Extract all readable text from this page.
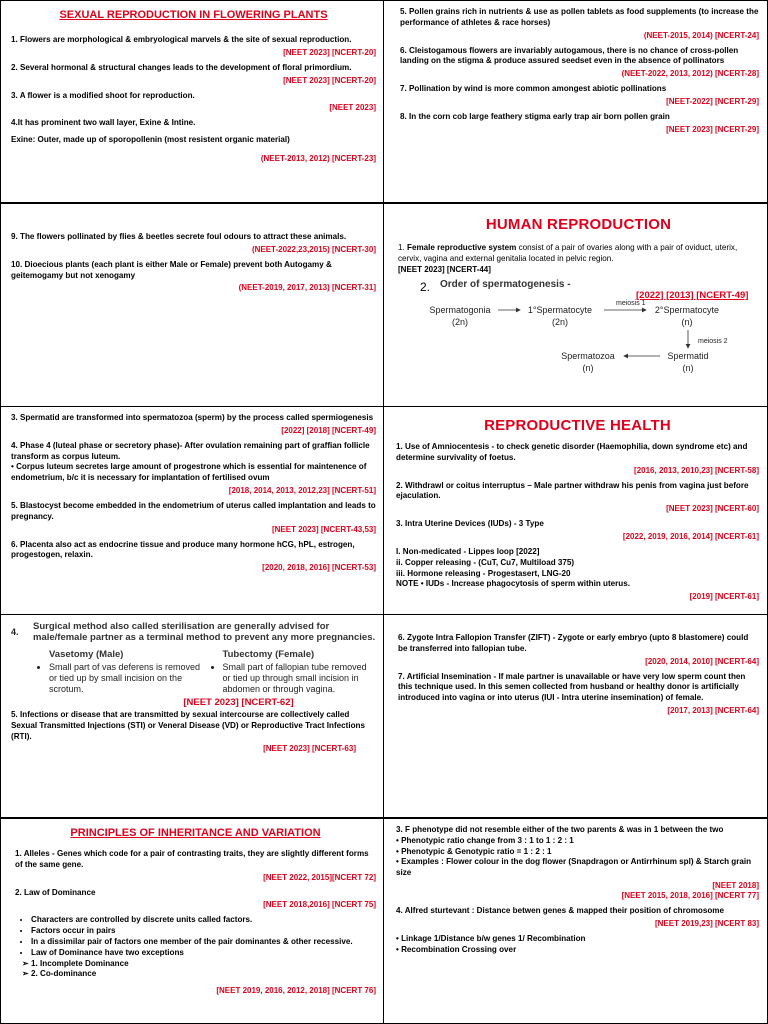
SEXUAL REPRODUCTION IN FLOWERING PLANTS

1. Flowers are morphological & embryological marvels & the site of sexual reproduction.

[NEET 2023] [NCERT-20]

2. Several hormonal & structural changes leads to the development of floral primordium.

[NEET 2023] [NCERT-20]

3. A flower is a modified shoot for reproduction.

[NEET 2023]

4.It has prominent two wall layer, Exine & Intine.

Exine: Outer, made up of sporopollenin (most resistent organic material)

(NEET-2013, 2012) [NCERT-23]

5. Pollen grains rich in nutrients & use as pollen tablets as food supplements (to increase the performance of athletes & race horses)

(NEET-2015, 2014) [NCERT-24]

6. Cleistogamous flowers are invariably autogamous, there is no chance of cross-pollen landing on the stigma & produce assured seedset even in the absence of pollinators

(NEET-2022, 2013, 2012) [NCERT-28]

7. Pollination by wind is more common amongest abiotic pollinations

[NEET-2022] [NCERT-29]

8. In the corn cob large feathery stigma early trap air born pollen grain

[NEET 2023] [NCERT-29]

9. The flowers pollinated by flies & beetles secrete foul odours to attract these animals.

(NEET-2022,23,2015) [NCERT-30]

10. Dioecious plants (each plant is either Male or Female) prevent both Autogamy & geitemogamy but not xenogamy

(NEET-2019, 2017, 2013) [NCERT-31]
HUMAN REPRODUCTION

1. Female reproductive system consist of a pair of ovaries along with a pair of oviduct, uterix, cervix, vagina and external genitalia located in pelvic region.

[NEET 2023] [NCERT-44]
2. Order of spermatogenesis -
[2022] [2013] [NCERT-49]
Spermatogonia
(2n)
1°Spermatocyte
(2n)
2°Spermatocyte
(n)
Spermatid
(n)
Spermatozoa
(n)
meiosis 1
meiosis 2

3. Spermatid are transformed into spermatozoa (sperm) by the process called spermiogenesis

[2022] [2018] [NCERT-49]

4. Phase 4 (luteal phase or secretory phase)- After ovulation remaining part of graffian follicle transform as corpus luteum.

• Corpus luteum secretes large amount of progestrone which is essential for maintenence of endometrium, b/c it is necessary for implantation of fertilised ovum

[2018, 2014, 2013, 2012,23] [NCERT-51]

5. Blastocyst become embedded in the endometrium of uterus called implantation and leads to pregnancy.

[NEET 2023] [NCERT-43,53]

6. Placenta also act as endocrine tissue and produce many hormone hCG, hPL, estrogen, progestogen, relaxin.

[2020, 2018, 2016] [NCERT-53]
REPRODUCTIVE HEALTH

1. Use of Amniocentesis - to check genetic disorder (Haemophilia, down syndrome etc) and determine survivality of foetus.

[2016, 2013, 2010,23] [NCERT-58]

2. Withdrawl or coitus interruptus – Male partner withdraw his penis from vagina just before ejaculation.

[NEET 2023] [NCERT-60]

3. Intra Uterine Devices (IUDs) - 3 Type

[2022, 2019, 2016, 2014] [NCERT-61]

I. Non-medicated - Lippes loop [2022]

ii. Copper releasing - (CuT, Cu7, Multiload 375)

iii. Hormone releasing - Progestasert, LNG-20

NOTE • IUDs - Increase phagocytosis of sperm within uterus.

[2019] [NCERT-61]
4.	Surgical method also called sterilisation are generally advised for male/female partner as a terminal method to prevent any more pregnancies.
Vasetomy (Male)
• Small part of vas deferens is removed or tied up by small incision on the scrotum.
Tubectomy (Female)
• Small part of fallopian tube removed or tied up through small incision in abdomen or through vagina.
[NEET 2023] [NCERT-62]

5. Infections or disease that are transmitted by sexual intercourse are collectively called Sexual Transmitted Injections (STI) or Veneral Disease (VD) or Reproductive Tract Infections (RTI).

[NEET 2023] [NCERT-63]

6. Zygote Intra Fallopion Transfer (ZIFT) - Zygote or early embryo (upto 8 blastomere) could be transferred into fallopian tube.

[2020, 2014, 2010] [NCERT-64]

7. Artificial Insemination - If male partner is unavailable or have very low sperm count then this technique used. In this semen collected from husband or healthy donor is artificially introduced into vagina or into uterus (IUI - Intra uterine insemination) of female.

[2017, 2013] [NCERT-64]
PRINCIPLES OF INHERITANCE AND VARIATION

1. Alleles - Genes which code for a pair of contrasting traits, they are slightly different forms of the same gene.

[NEET 2022, 2015][NCERT 72]

2. Law of Dominance

[NEET 2018,2016] [NCERT 75]
• Characters are controlled by discrete units called factors.
• Factors occur in pairs
• In a dissimilar pair of factors one member of the pair dominantes & other recessive.
• Law of Dominance have two exceptions
➢ 1. Incomplete Dominance
➢ 2. Co-dominance
[NEET 2019, 2016, 2012, 2018] [NCERT 76]

3. F phenotype did not resemble either of the two parents & was in 1 between the two

• Phenotypic ratio change from 3 : 1 to 1 : 2 : 1

• Phenotypic & Genotypic ratio = 1 : 2 : 1

• Examples : Flower colour in the dog flower (Snapdragon or Antirrhinum spl) & Starch grain size

[NEET 2018]
[NEET 2015, 2018, 2016] [NCERT 77]

4. Alfred sturtevant : Distance betwen genes & mapped their position of chromosome

[NEET 2019,23] [NCERT 83]

• Linkage 1/Distance b/w genes 1/ Recombination

• Recombination Crossing over
